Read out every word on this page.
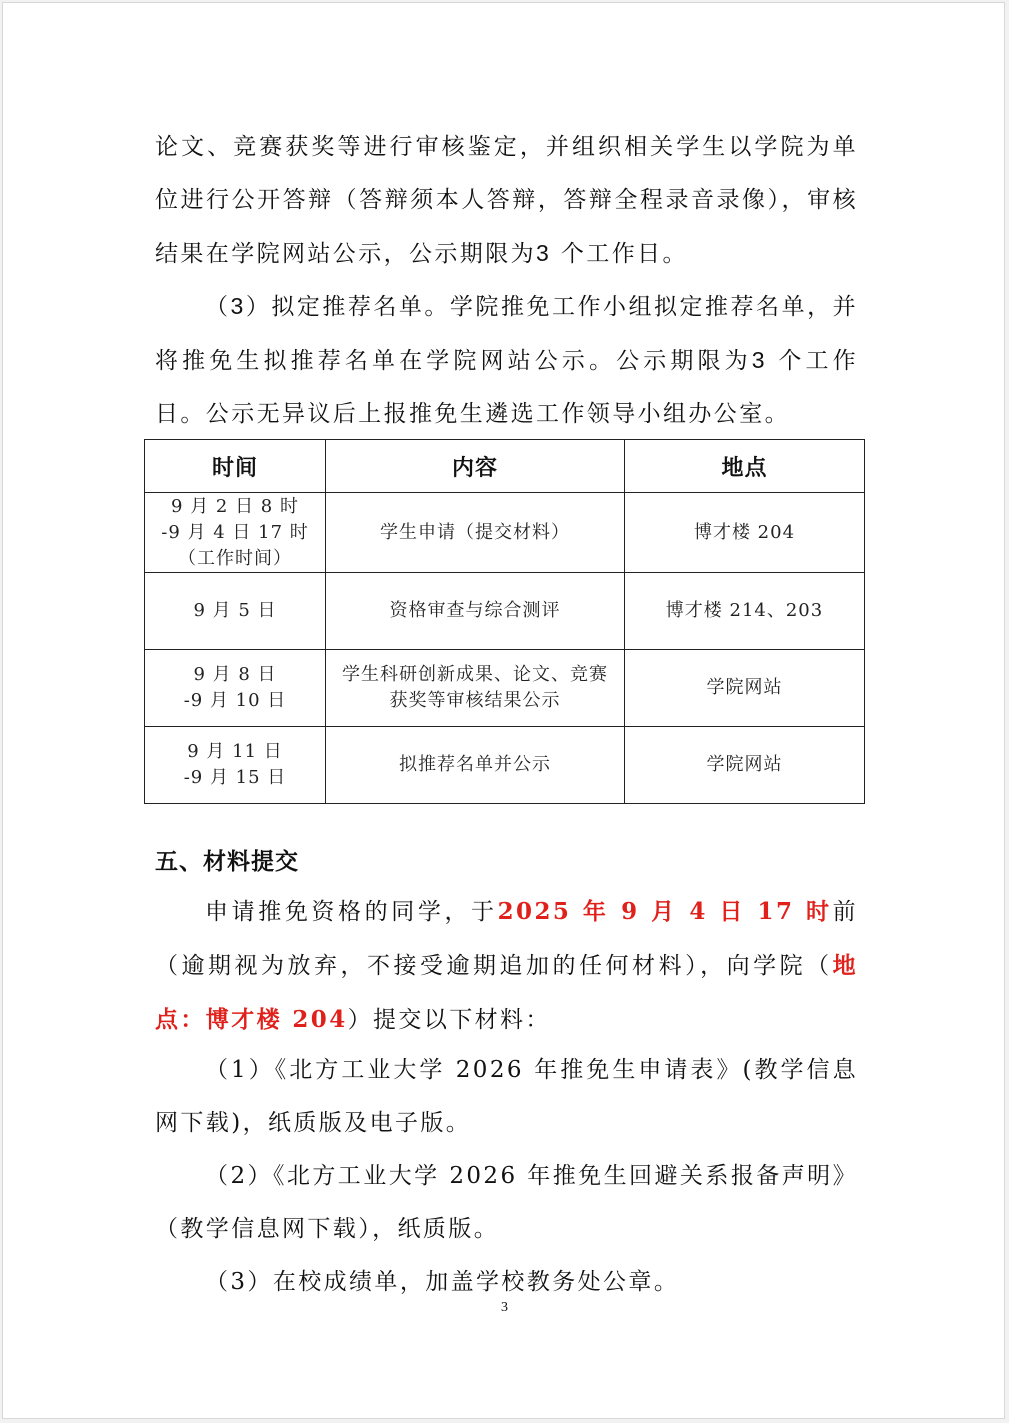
论文、竞赛获奖等进行审核鉴定，并组织相关学生以学院为单位进行公开答辩（答辩须本人答辩，答辩全程录音录像），审核结果在学院网站公示，公示期限为3 个工作日。

（3）拟定推荐名单。学院推免工作小组拟定推荐名单，并将推免生拟推荐名单在学院网站公示。公示期限为3 个工作日。公示无异议后上报推免生遴选工作领导小组办公室。

时间	内容	地点

9 月 2 日 8 时
-9 月 4 日 17 时
（工作时间）	学生申请（提交材料）	博才楼 204

9 月 5 日	资格审查与综合测评	博才楼 214、203

9 月 8 日
-9 月 10 日	学生科研创新成果、论文、竞赛
获奖等审核结果公示	学院网站

9 月 11 日
-9 月 15 日	拟推荐名单并公示	学院网站
五、材料提交

申请推免资格的同学，于2025 年 9 月 4 日 17 时前（逾期视为放弃，不接受逾期追加的任何材料），向学院（地点：博才楼 204）提交以下材料：

（1）《北方工业大学 2026 年推免生申请表》(教学信息网下载)，纸质版及电子版。

（2）《北方工业大学 2026 年推免生回避关系报备声明》（教学信息网下载），纸质版。

（3）在校成绩单，加盖学校教务处公章。

3
